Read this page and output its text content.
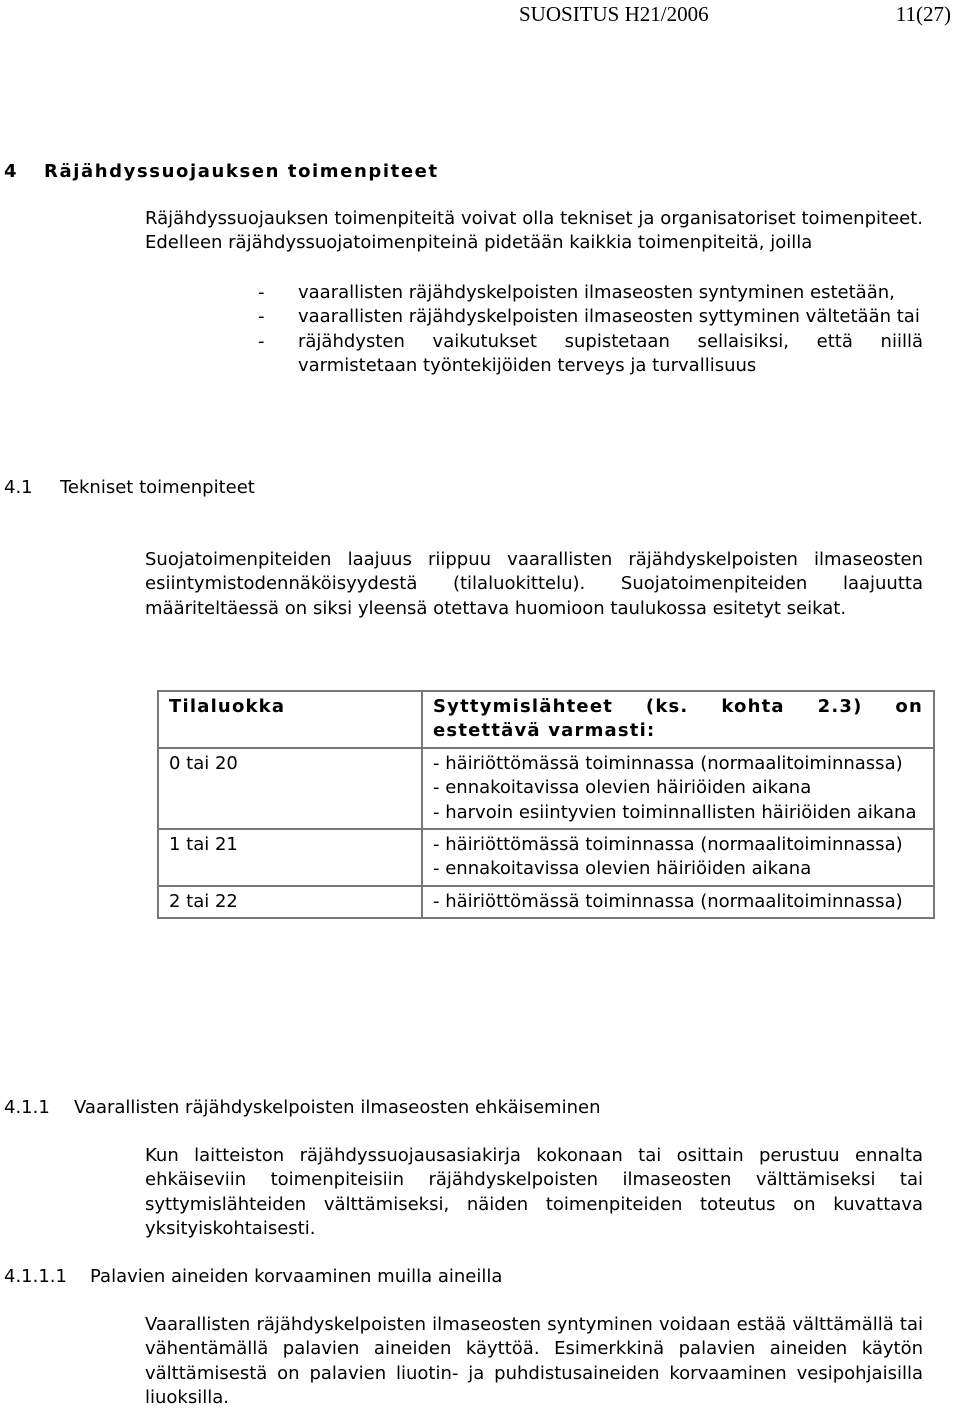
SUOSITUS H21/2006	11(27)
4 Räjähdyssuojauksen toimenpiteet
Räjähdyssuojauksen toimenpiteitä voivat olla tekniset ja organisatoriset toimenpiteet. Edelleen räjähdyssuojatoimenpiteinä pidetään kaikkia toimenpiteitä, joilla
- vaarallisten räjähdyskelpoisten ilmaseosten syntyminen estetään,
- vaarallisten räjähdyskelpoisten ilmaseosten syttyminen vältetään tai
- räjähdysten vaikutukset supistetaan sellaisiksi, että niillä varmistetaan työntekijöiden terveys ja turvallisuus
4.1 Tekniset toimenpiteet
Suojatoimenpiteiden laajuus riippuu vaarallisten räjähdyskelpoisten ilmaseosten esiintymistodennäköisyydestä (tilaluokittelu). Suojatoimenpiteiden laajuutta määriteltäessä on siksi yleensä otettava huomioon taulukossa esitetyt seikat.
Tilaluokka	Syttymislähteet (ks. kohta 2.3) on estettävä varmasti:
0 tai 20	- häiriöttömässä toiminnassa (normaalitoiminnassa)
- ennakoitavissa olevien häiriöiden aikana
- harvoin esiintyvien toiminnallisten häiriöiden aikana

1 tai 21	- häiriöttömässä toiminnassa (normaalitoiminnassa)
- ennakoitavissa olevien häiriöiden aikana

2 tai 22	- häiriöttömässä toiminnassa (normaalitoiminnassa)
4.1.1 Vaarallisten räjähdyskelpoisten ilmaseosten ehkäiseminen
Kun laitteiston räjähdyssuojausasiakirja kokonaan tai osittain perustuu ennalta ehkäiseviin toimenpiteisiin räjähdyskelpoisten ilmaseosten välttämiseksi tai syttymislähteiden välttämiseksi, näiden toimenpiteiden toteutus on kuvattava yksityiskohtaisesti.
4.1.1.1 Palavien aineiden korvaaminen muilla aineilla
Vaarallisten räjähdyskelpoisten ilmaseosten syntyminen voidaan estää välttämällä tai vähentämällä palavien aineiden käyttöä. Esimerkkinä palavien aineiden käytön välttämisestä on palavien liuotin- ja puhdistusaineiden korvaaminen vesipohjaisilla liuoksilla.
